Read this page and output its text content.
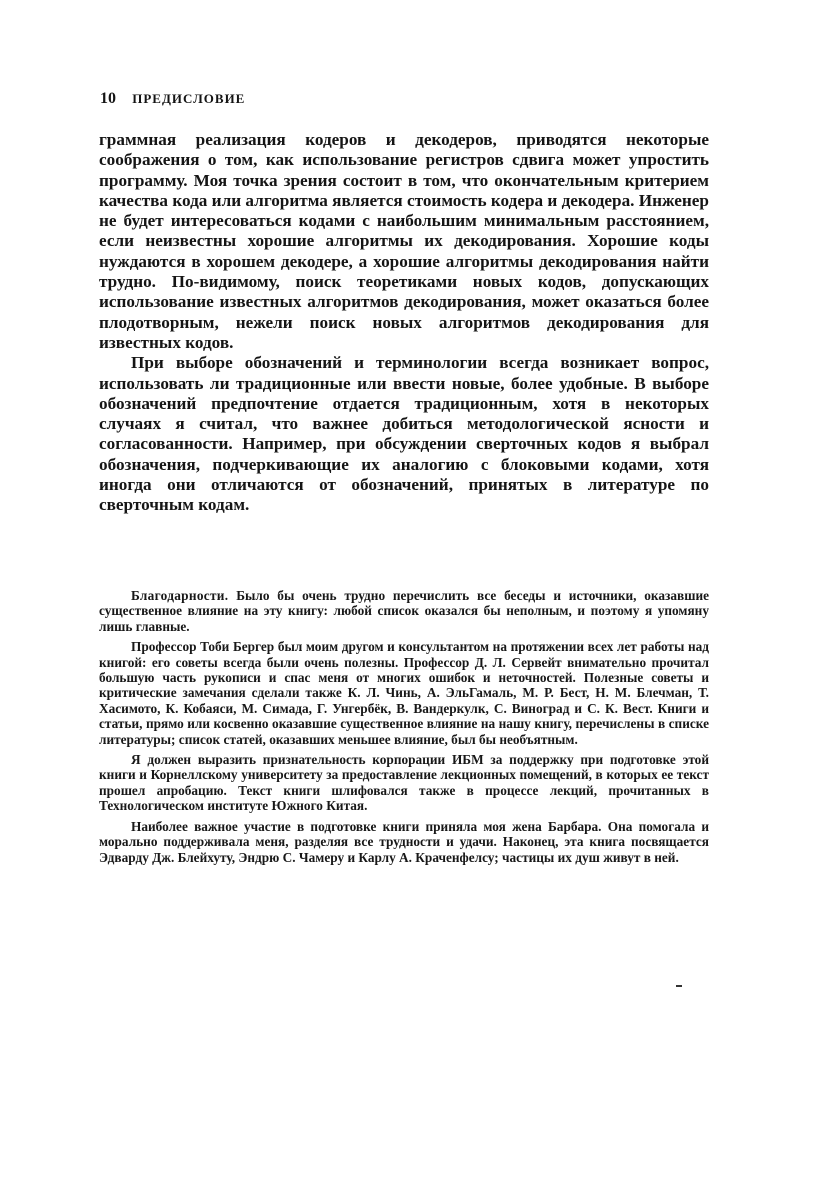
10 ПРЕДИСЛОВИЕ

граммная реализация кодеров и декодеров, приводятся некоторые соображения о том, как использование регистров сдвига может упростить программу. Моя точка зрения состоит в том, что окончательным критерием качества кода или алгоритма является стоимость кодера и декодера. Инженер не будет интересоваться кодами с наибольшим минимальным расстоянием, если неизвестны хорошие алгоритмы их декодирования. Хорошие коды нуждаются в хорошем декодере, а хорошие алгоритмы декодирования найти трудно. По-видимому, поиск теоретиками новых кодов, допускающих использование известных алгоритмов декодирования, может оказаться более плодотворным, нежели поиск новых алгоритмов декодирования для известных кодов.

При выборе обозначений и терминологии всегда возникает вопрос, использовать ли традиционные или ввести новые, более удобные. В выборе обозначений предпочтение отдается традиционным, хотя в некоторых случаях я считал, что важнее добиться методологической ясности и согласованности. Например, при обсуждении сверточных кодов я выбрал обозначения, подчеркивающие их аналогию с блоковыми кодами, хотя иногда они отличаются от обозначений, принятых в литературе по сверточным кодам.

Благодарности. Было бы очень трудно перечислить все беседы и источники, оказавшие существенное влияние на эту книгу: любой список оказался бы неполным, и поэтому я упомяну лишь главные.

Профессор Тоби Бергер был моим другом и консультантом на протяжении всех лет работы над книгой: его советы всегда были очень полезны. Профессор Д. Л. Сервейт внимательно прочитал большую часть рукописи и спас меня от многих ошибок и неточностей. Полезные советы и критические замечания сделали также К. Л. Чинь, А. ЭльГамаль, М. Р. Бест, Н. М. Блечман, Т. Хасимото, К. Кобаяси, М. Симада, Г. Унгербёк, В. Вандеркулк, С. Виноград и С. К. Вест. Книги и статьи, прямо или косвенно оказавшие существенное влияние на нашу книгу, перечислены в списке литературы; список статей, оказавших меньшее влияние, был бы необъятным.

Я должен выразить признательность корпорации ИБМ за поддержку при подготовке этой книги и Корнеллскому университету за предоставление лекционных помещений, в которых ее текст прошел апробацию. Текст книги шлифовался также в процессе лекций, прочитанных в Технологическом институте Южного Китая.

Наиболее важное участие в подготовке книги приняла моя жена Барбара. Она помогала и морально поддерживала меня, разделяя все трудности и удачи. Наконец, эта книга посвящается Эдварду Дж. Блейхуту, Эндрю С. Чамеру и Карлу А. Краченфелсу; частицы их душ живут в ней.
